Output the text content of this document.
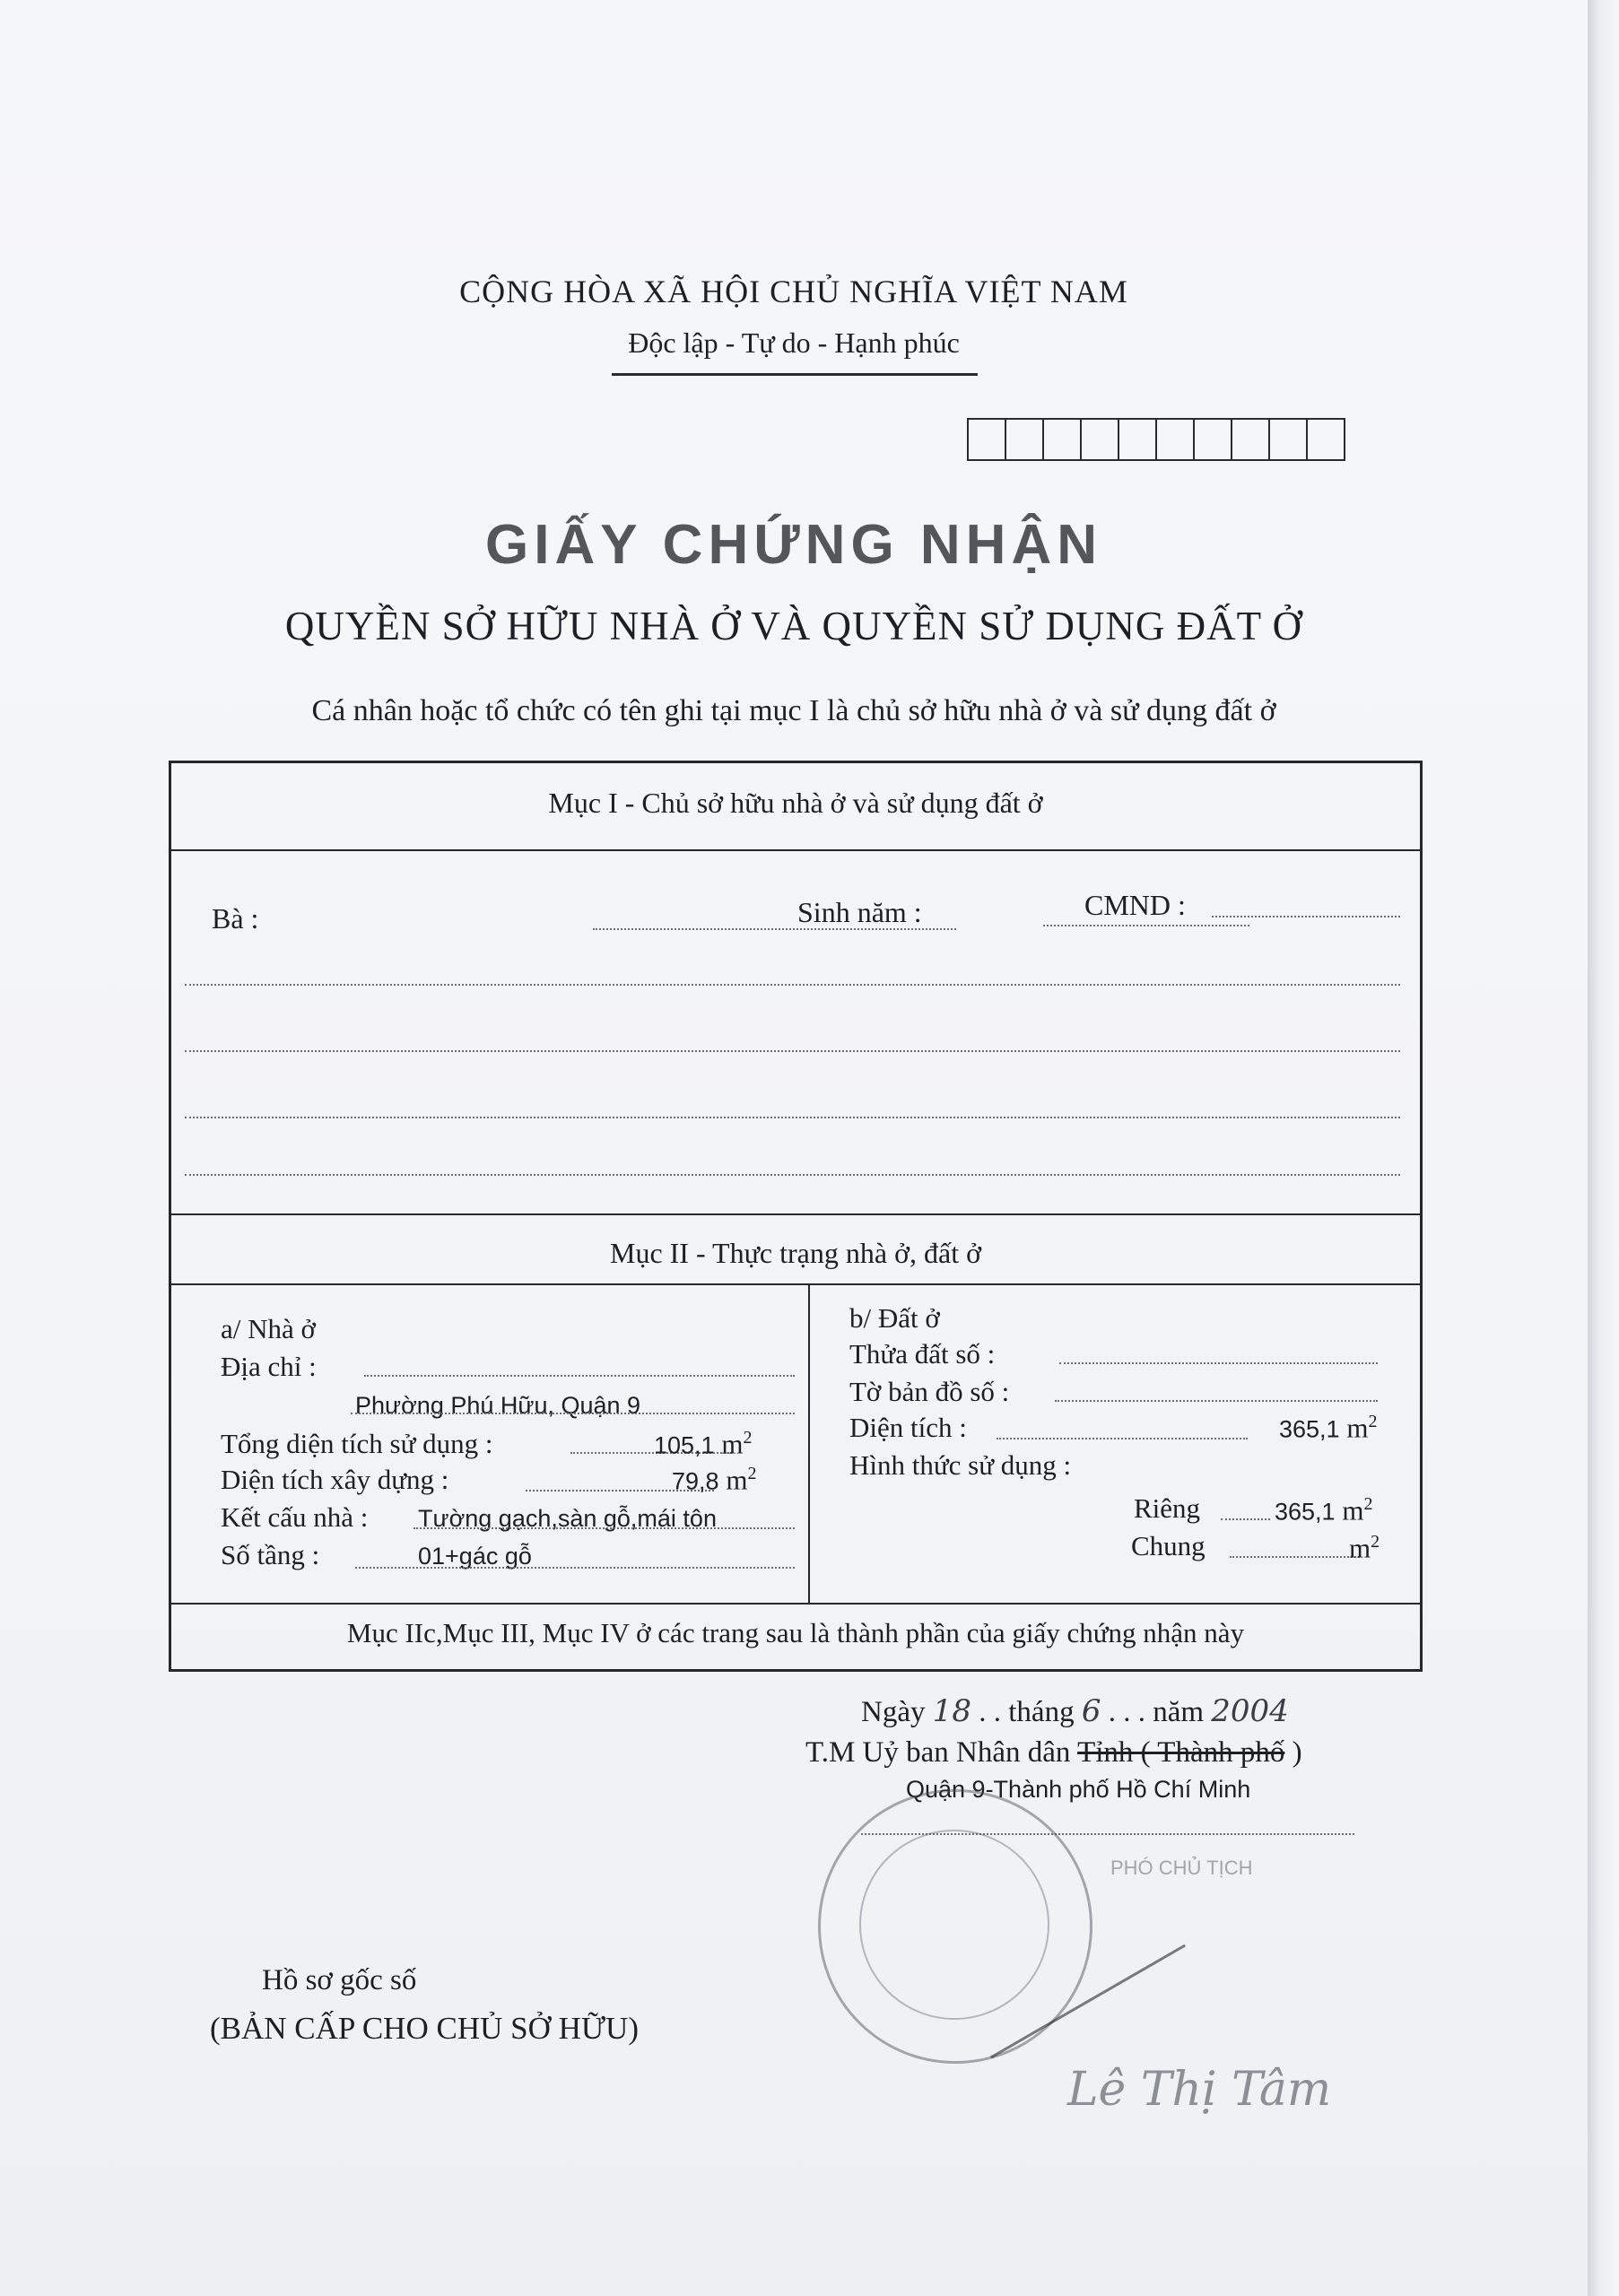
CỘNG HÒA XÃ HỘI CHỦ NGHĨA VIỆT NAM
Độc lập - Tự do - Hạnh phúc
GIẤY CHỨNG NHẬN
QUYỀN SỞ HỮU NHÀ Ở VÀ QUYỀN SỬ DỤNG ĐẤT Ở
Cá nhân hoặc tổ chức có tên ghi tại mục I là chủ sở hữu nhà ở và sử dụng đất ở
Mục I - Chủ sở hữu nhà ở và sử dụng đất ở
Bà :	Sinh năm :	CMND :
Mục II - Thực trạng nhà ở, đất ở
a/ Nhà ở
Địa chỉ :
Phường Phú Hữu, Quận 9
Tổng diện tích sử dụng :	105,1 $m^2$
Diện tích xây dựng :	79,8 $m^2$
Kết cấu nhà : Tường gạch,sàn gỗ,mái tôn
Số tầng :	01+gác gỗ
b/ Đất ở
Thửa đất số :
Tờ bản đồ số :
Diện tích :	365,1 $m^2$
Hình thức sử dụng :
Riêng	365,1 $m^2$
Chung	$m^2$
Mục IIc,Mục III, Mục IV ở các trang sau là thành phần của giấy chứng nhận này
Ngày 18 . . tháng 6 . . . năm 2004
T.M Uỷ ban Nhân dân Tỉnh ( Thành phố )
Quận 9-Thành phố Hồ Chí Minh
PHÓ CHỦ TỊCH
Lê Thị Tâm
Hồ sơ gốc số
(BẢN CẤP CHO CHỦ SỞ HỮU)
